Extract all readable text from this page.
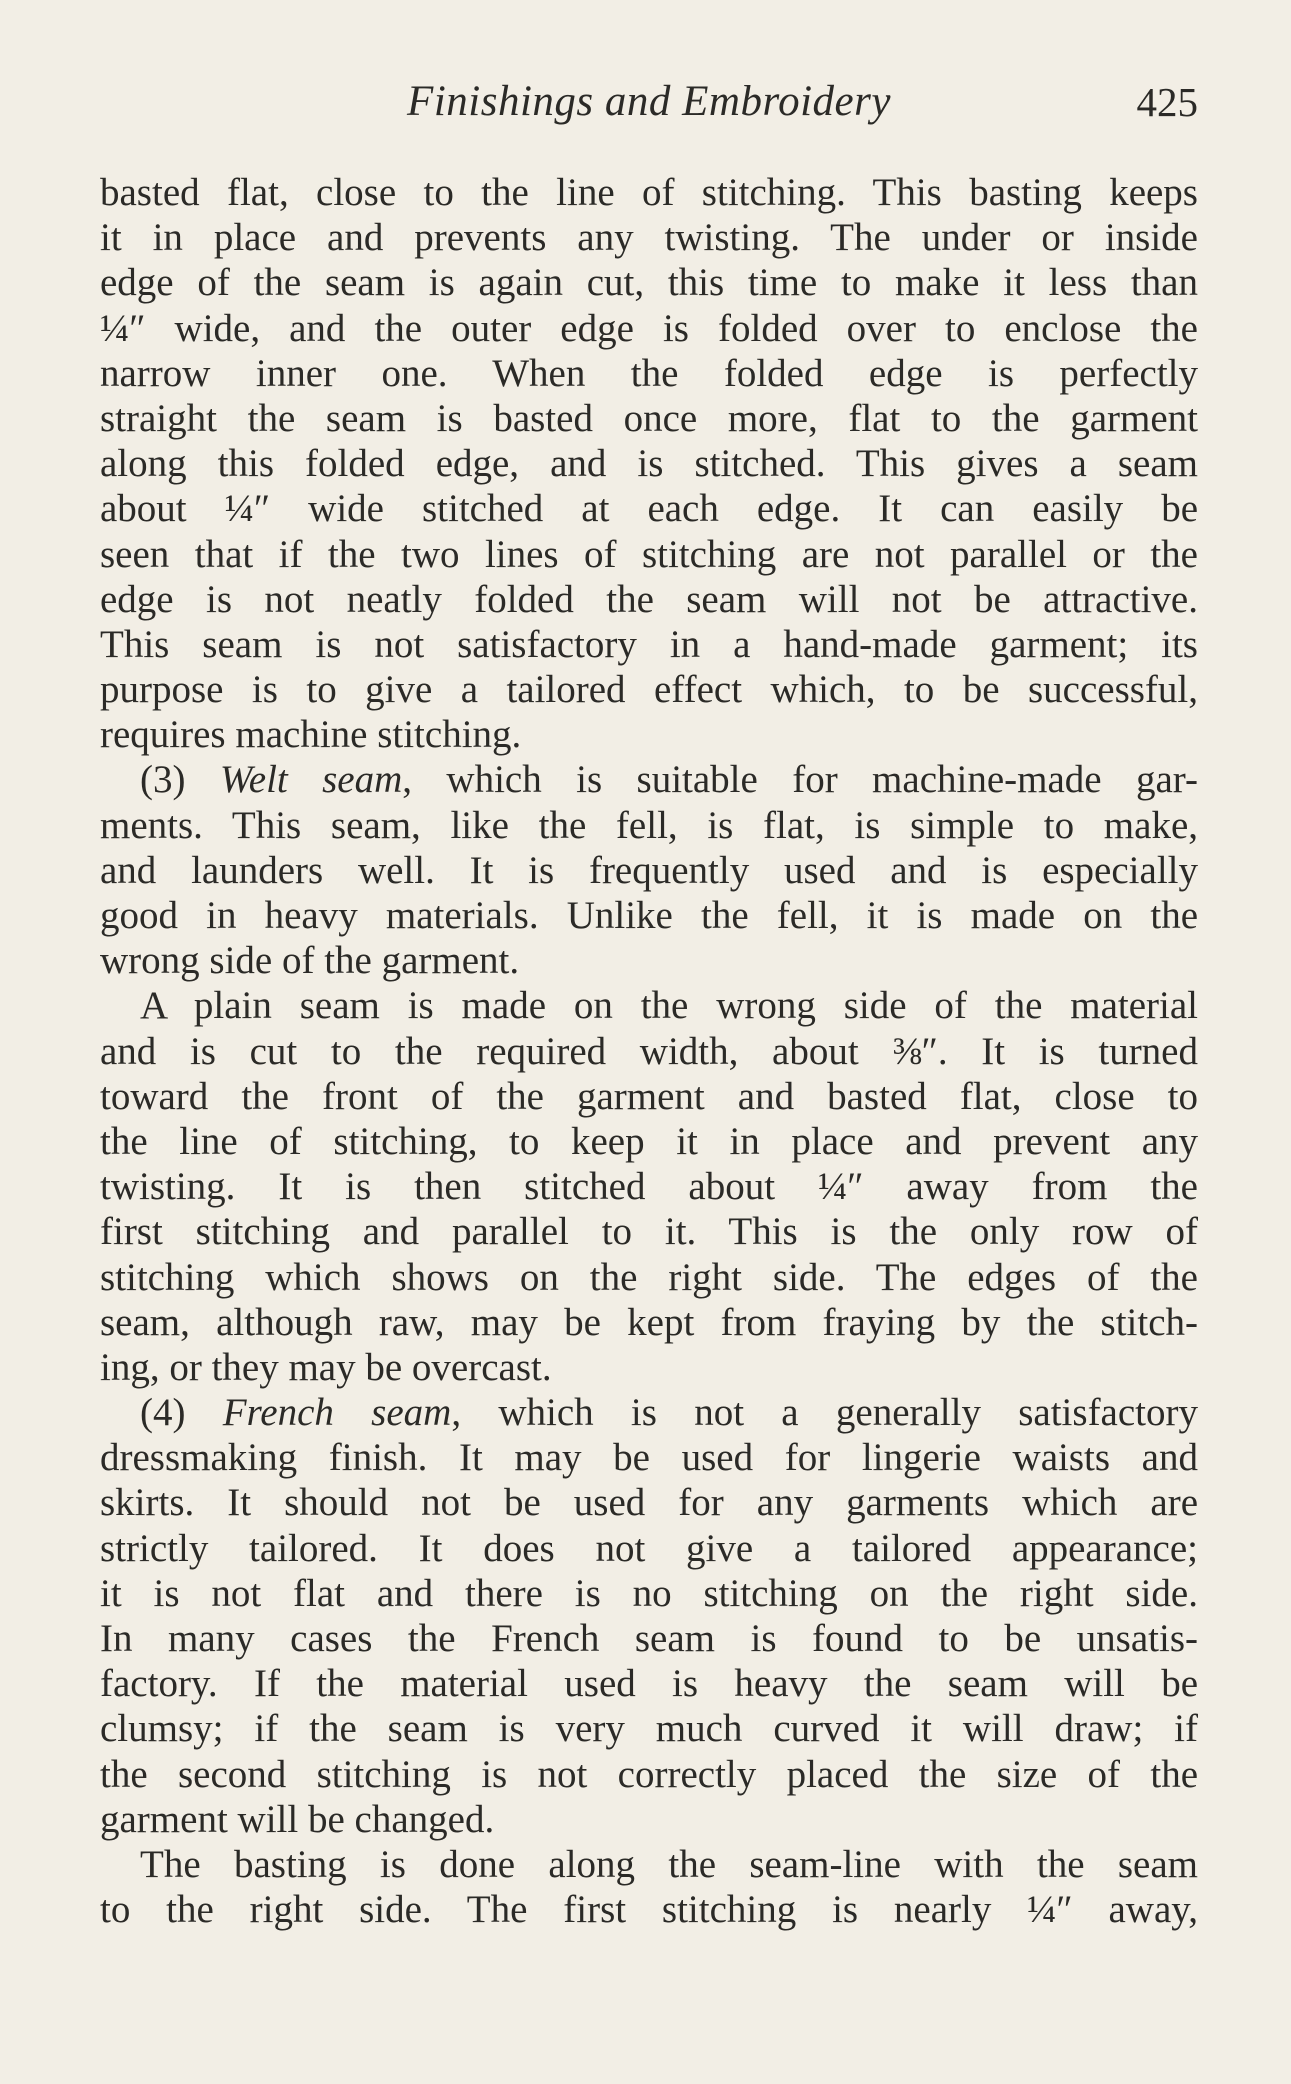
Finishings and Embroidery	425
basted flat, close to the line of stitching. This basting keeps
it in place and prevents any twisting. The under or inside
edge of the seam is again cut, this time to make it less than
¼″ wide, and the outer edge is folded over to enclose the
narrow inner one. When the folded edge is perfectly
straight the seam is basted once more, flat to the garment
along this folded edge, and is stitched. This gives a seam
about ¼″ wide stitched at each edge. It can easily be
seen that if the two lines of stitching are not parallel or the
edge is not neatly folded the seam will not be attractive.
This seam is not satisfactory in a hand-made garment; its
purpose is to give a tailored effect which, to be successful,
requires machine stitching.
(3) Welt seam, which is suitable for machine-made gar-
ments. This seam, like the fell, is flat, is simple to make,
and launders well. It is frequently used and is especially
good in heavy materials. Unlike the fell, it is made on the
wrong side of the garment.
A plain seam is made on the wrong side of the material
and is cut to the required width, about ⅜″. It is turned
toward the front of the garment and basted flat, close to
the line of stitching, to keep it in place and prevent any
twisting. It is then stitched about ¼″ away from the
first stitching and parallel to it. This is the only row of
stitching which shows on the right side. The edges of the
seam, although raw, may be kept from fraying by the stitch-
ing, or they may be overcast.
(4) French seam, which is not a generally satisfactory
dressmaking finish. It may be used for lingerie waists and
skirts. It should not be used for any garments which are
strictly tailored. It does not give a tailored appearance;
it is not flat and there is no stitching on the right side.
In many cases the French seam is found to be unsatis-
factory. If the material used is heavy the seam will be
clumsy; if the seam is very much curved it will draw; if
the second stitching is not correctly placed the size of the
garment will be changed.
The basting is done along the seam-line with the seam
to the right side. The first stitching is nearly ¼″ away,
